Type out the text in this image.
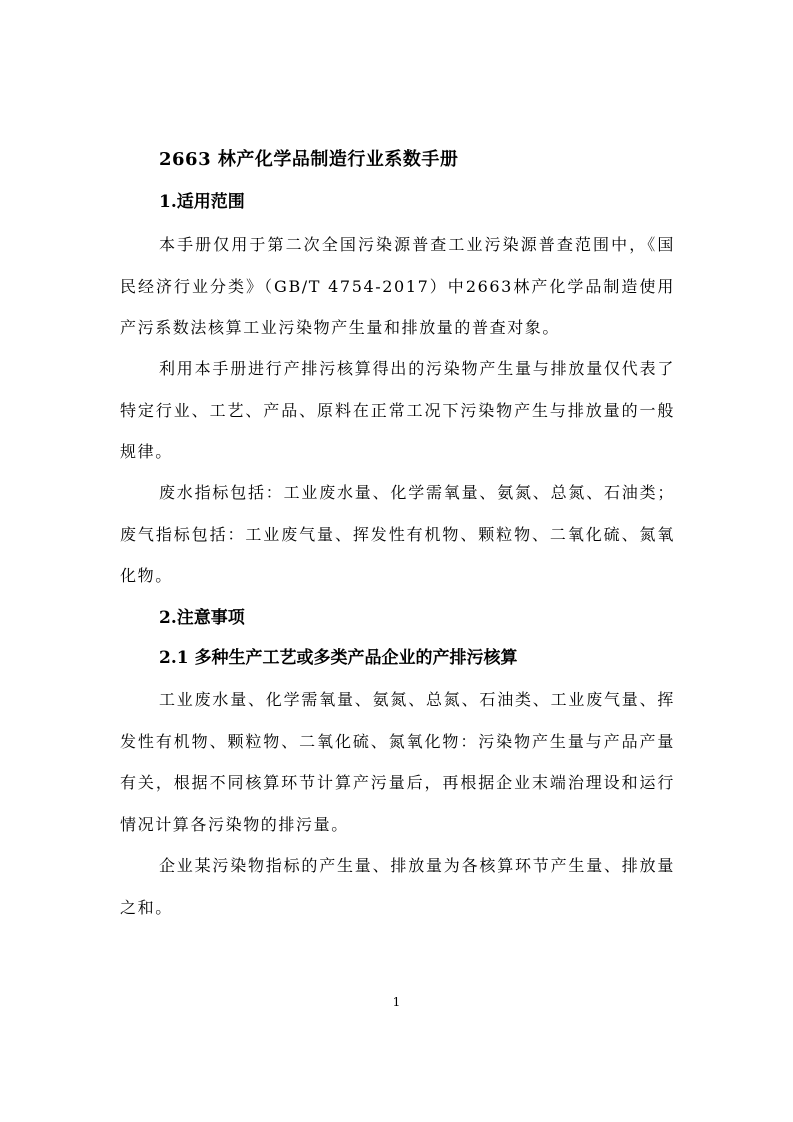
2663 林产化学品制造行业系数手册
1.适用范围

本手册仅用于第二次全国污染源普查工业污染源普查范围中，《国民经济行业分类》（GB/T 4754-2017）中2663林产化学品制造使用产污系数法核算工业污染物产生量和排放量的普查对象。

利用本手册进行产排污核算得出的污染物产生量与排放量仅代表了特定行业、工艺、产品、原料在正常工况下污染物产生与排放量的一般规律。

废水指标包括：工业废水量、化学需氧量、氨氮、总氮、石油类；废气指标包括：工业废气量、挥发性有机物、颗粒物、二氧化硫、氮氧化物。

2.注意事项
2.1 多种生产工艺或多类产品企业的产排污核算

工业废水量、化学需氧量、氨氮、总氮、石油类、工业废气量、挥发性有机物、颗粒物、二氧化硫、氮氧化物：污染物产生量与产品产量有关，根据不同核算环节计算产污量后，再根据企业末端治理设和运行情况计算各污染物的排污量。

企业某污染物指标的产生量、排放量为各核算环节产生量、排放量之和。

1
